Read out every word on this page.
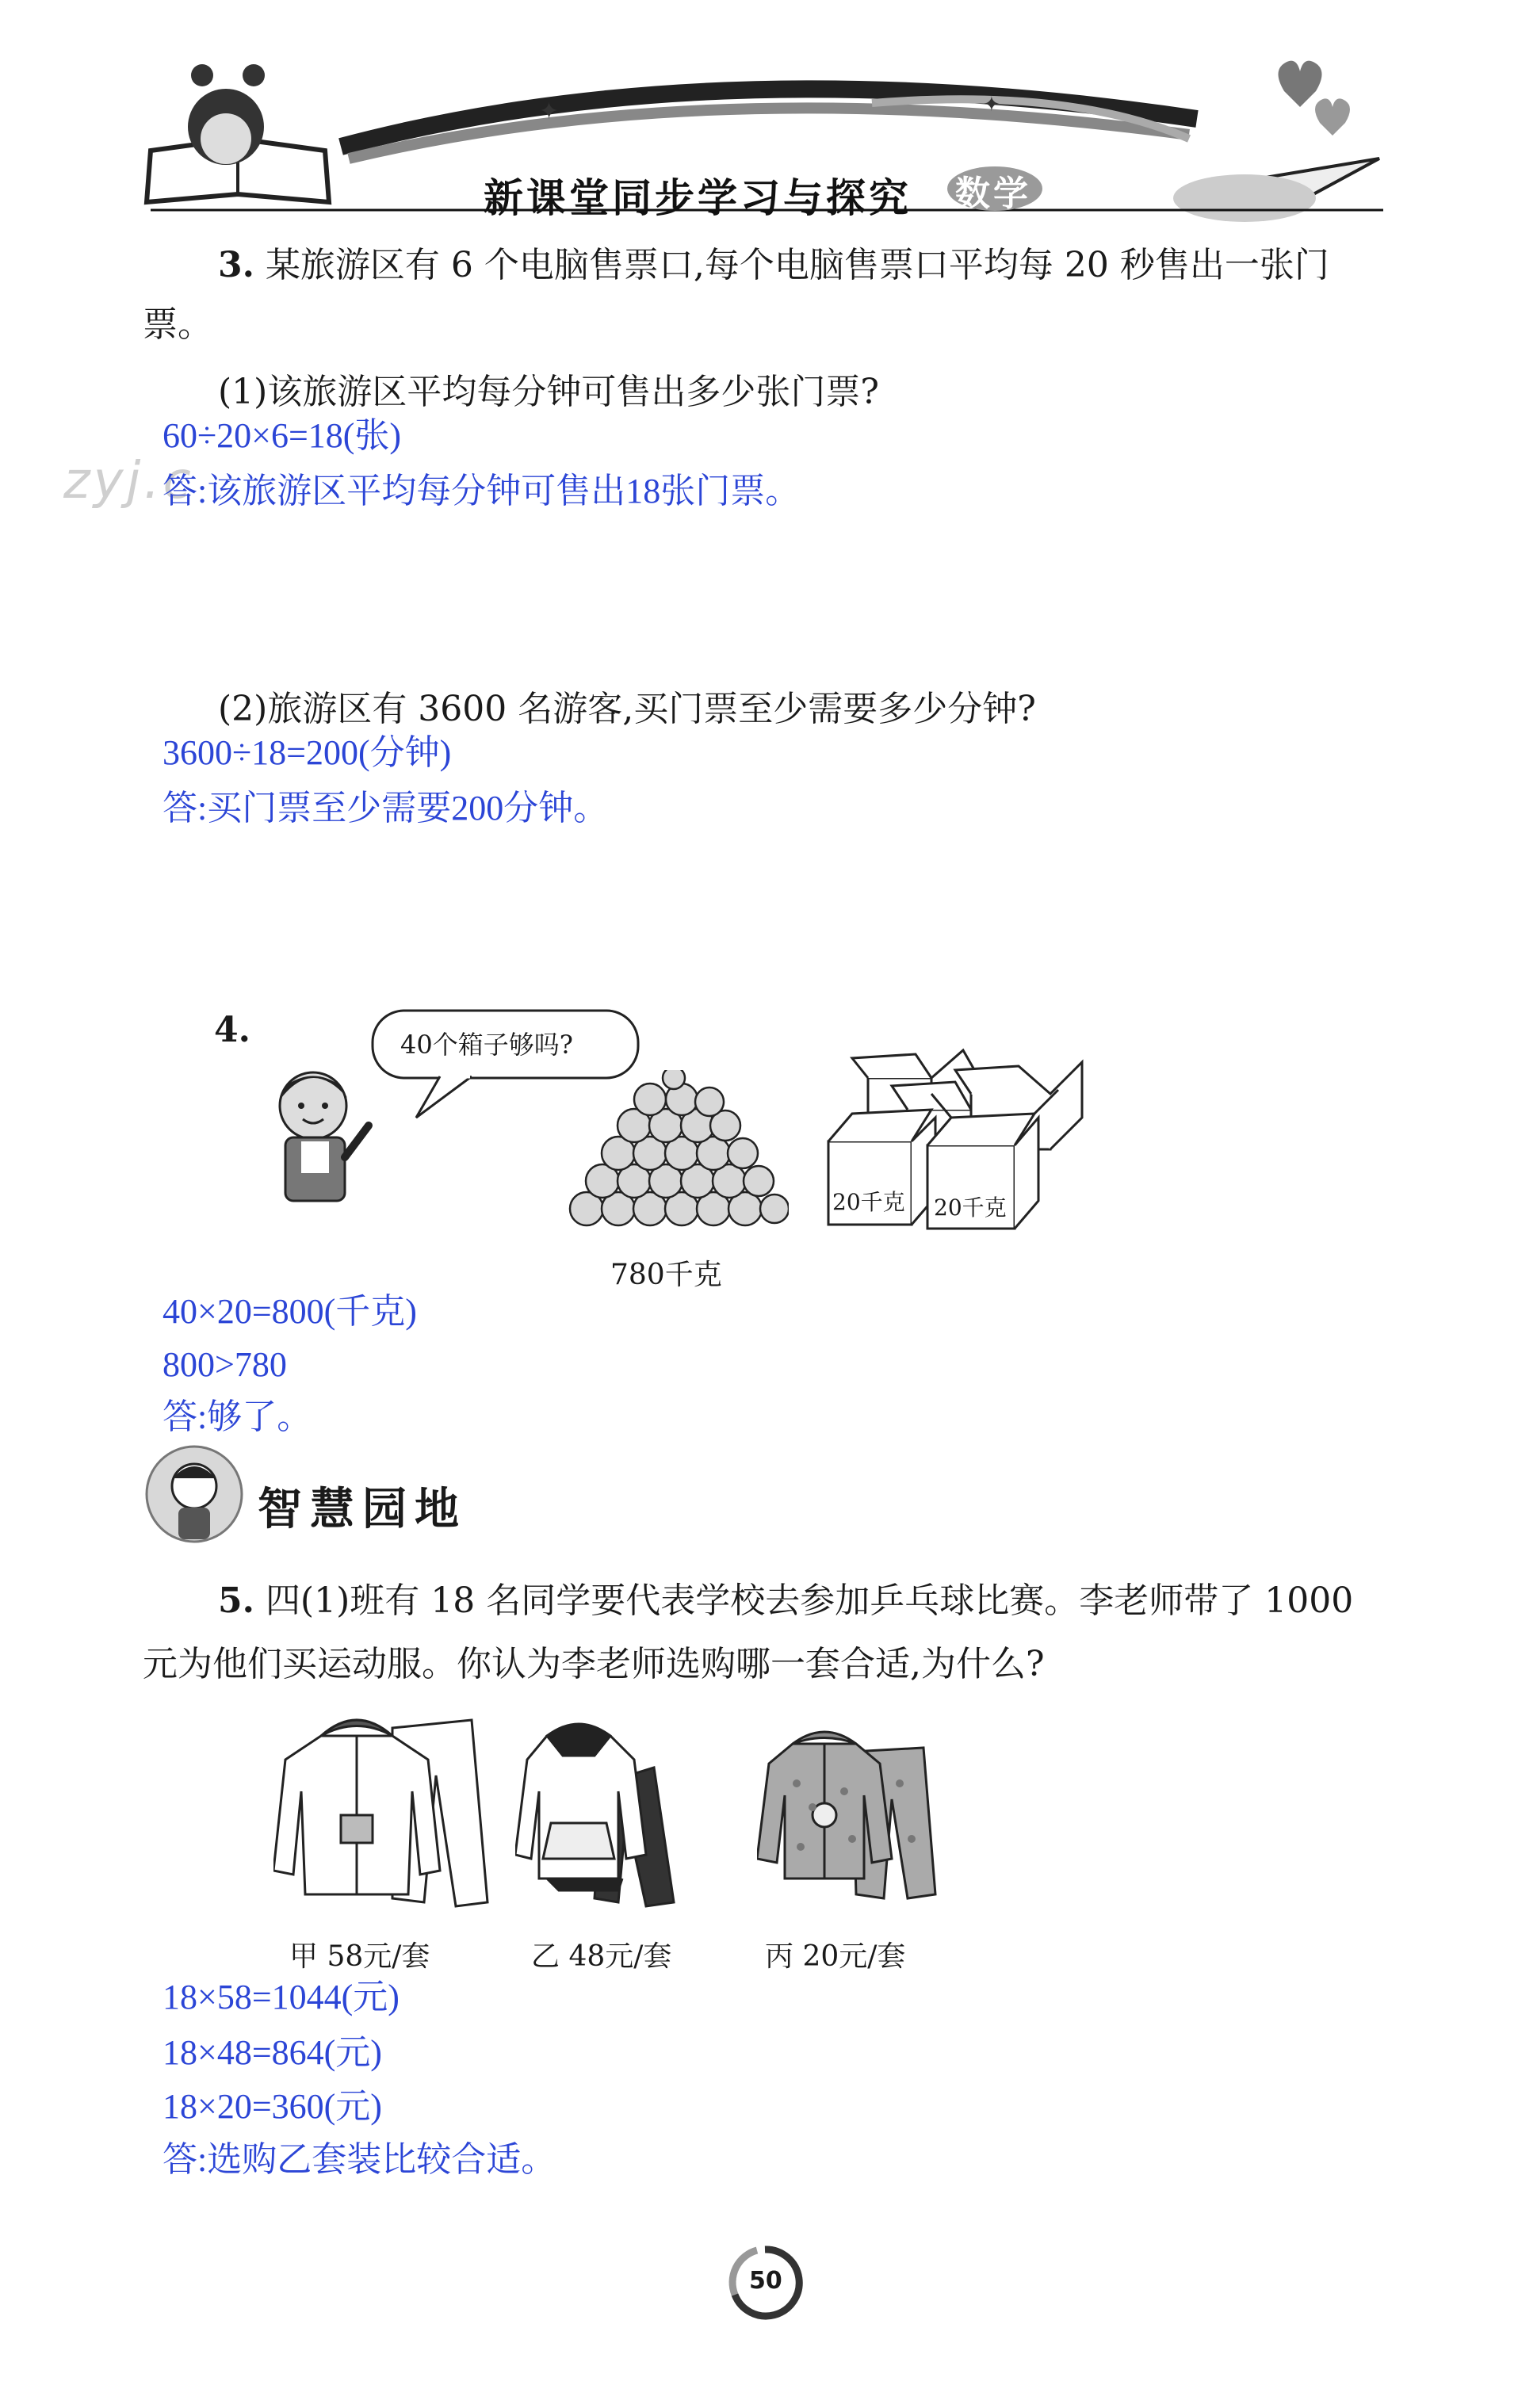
✦	✦
新课堂同步学习与探究 数学
zyj.c
3. 某旅游区有 6 个电脑售票口,每个电脑售票口平均每 20 秒售出一张门
票。
(1)该旅游区平均每分钟可售出多少张门票?
60÷20×6=18(张)
答:该旅游区平均每分钟可售出18张门票。
(2)旅游区有 3600 名游客,买门票至少需要多少分钟?
3600÷18=200(分钟)
答:买门票至少需要200分钟。
4.	40个箱子够吗?
780千克
20千克 20千克
40×20=800(千克)
800>780
答:够了。
智慧园地
5. 四(1)班有 18 名同学要代表学校去参加乒乓球比赛。李老师带了 1000
元为他们买运动服。你认为李老师选购哪一套合适,为什么?
甲 58元/套	乙 48元/套	丙 20元/套
18×58=1044(元)
18×48=864(元)
18×20=360(元)
答:选购乙套装比较合适。
50
